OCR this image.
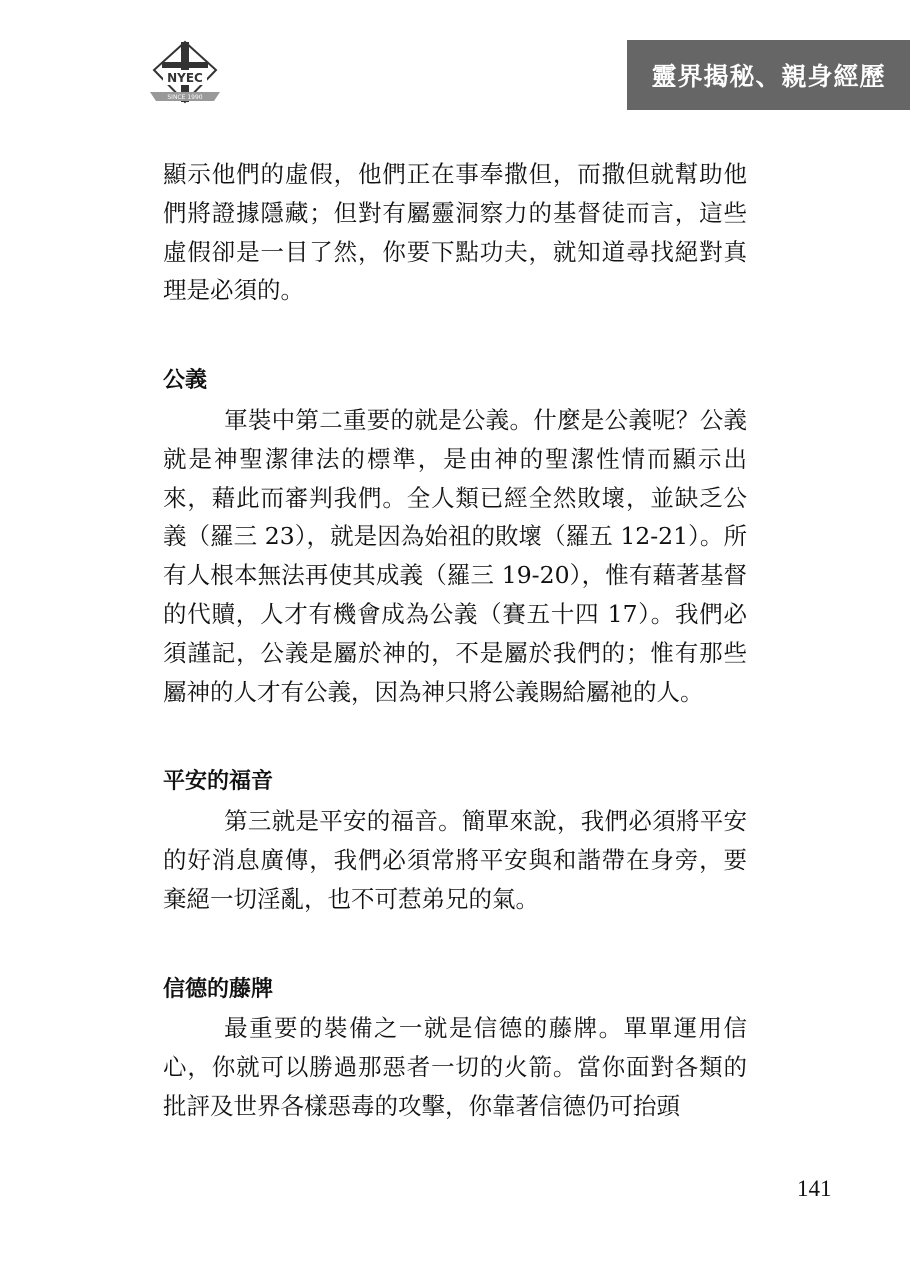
NYEC
SINCE 1990
靈界揭秘、親身經歷

顯示他們的虛假，他們正在事奉撒但，而撒但就幫助他們將證據隱藏；但對有屬靈洞察力的基督徒而言，這些虛假卻是一目了然，你要下點功夫，就知道尋找絕對真理是必須的。

公義

軍裝中第二重要的就是公義。什麼是公義呢？公義就是神聖潔律法的標準，是由神的聖潔性情而顯示出來，藉此而審判我們。全人類已經全然敗壞，並缺乏公義（羅三 23），就是因為始祖的敗壞（羅五 12-21）。所有人根本無法再使其成義（羅三 19-20），惟有藉著基督的代贖，人才有機會成為公義（賽五十四 17）。我們必須謹記，公義是屬於神的，不是屬於我們的；惟有那些屬神的人才有公義，因為神只將公義賜給屬祂的人。

平安的福音

第三就是平安的福音。簡單來說，我們必須將平安的好消息廣傳，我們必須常將平安與和諧帶在身旁，要棄絕一切淫亂，也不可惹弟兄的氣。

信德的藤牌

最重要的裝備之一就是信德的藤牌。單單運用信心，你就可以勝過那惡者一切的火箭。當你面對各類的批評及世界各樣惡毒的攻擊，你靠著信德仍可抬頭

141
